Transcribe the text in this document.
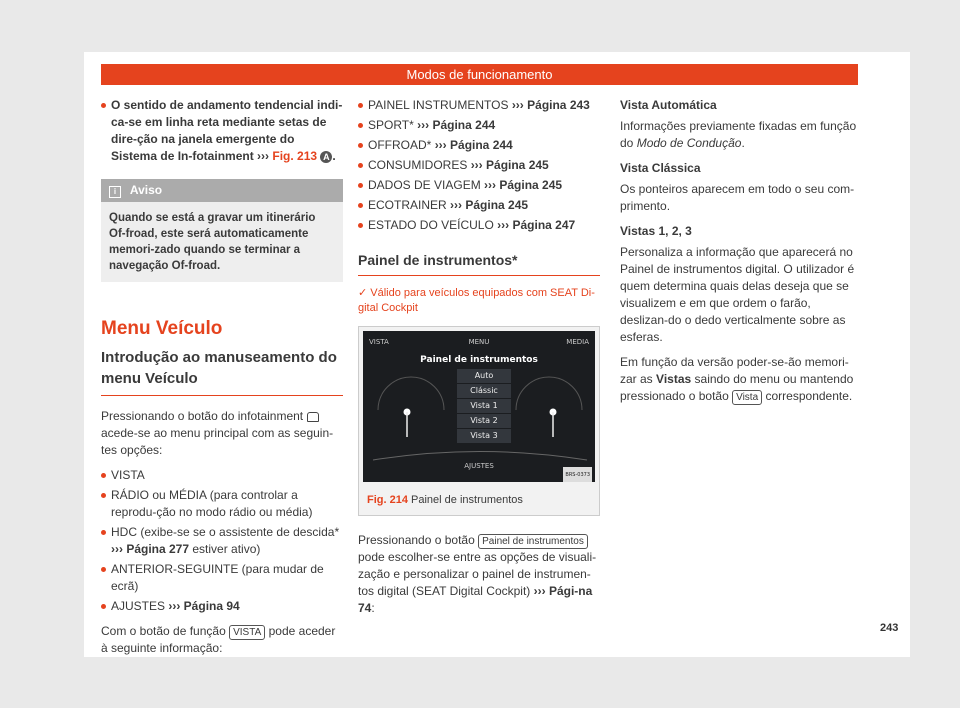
Modos de funcionamento
O sentido de andamento tendencial indi-ca-se em linha reta mediante setas de dire-ção na janela emergente do Sistema de In-fotainment ››› Fig. 213 A .
i Aviso
Quando se está a gravar um itinerário Of-froad, este será automaticamente memori-zado quando se terminar a navegação Of-froad.
Menu Veículo
Introdução ao manuseamento do menu Veículo

Pressionando o botão do infotainment  acede-se ao menu principal com as seguin-tes opções:

VISTA
RÁDIO ou MÉDIA (para controlar a reprodu-ção no modo rádio ou média)
HDC (exibe-se se o assistente de descida* ››› Página 277 estiver ativo)
ANTERIOR-SEGUINTE (para mudar de ecrã)
AJUSTES ››› Página 94

Com o botão de função VISTA pode aceder à seguinte informação:

PAINEL INSTRUMENTOS ››› Página 243
SPORT* ››› Página 244
OFFROAD* ››› Página 244
CONSUMIDORES ››› Página 245
DADOS DE VIAGEM ››› Página 245
ECOTRAINER ››› Página 245
ESTADO DO VEÍCULO ››› Página 247
Painel de instrumentos*
✓ Válido para veículos equipados com SEAT Di-gital Cockpit
VISTA	MENU	MEDIA
Painel de instrumentos
Auto
Clássic
Vista 1
Vista 2
Vista 3
AJUSTES
BRS-0373
Fig. 214 Painel de instrumentos

Pressionando o botão Painel de instrumentos pode escolher-se entre as opções de visuali-zação e personalizar o painel de instrumen-tos digital (SEAT Digital Cockpit) ››› Pági-na 74:

Vista Automática

Informações previamente fixadas em função do Modo de Condução.

Vista Clássica

Os ponteiros aparecem em todo o seu com-primento.

Vistas 1, 2, 3

Personaliza a informação que aparecerá no Painel de instrumentos digital. O utilizador é quem determina quais delas deseja que se visualizem e em que ordem o farão, deslizan-do o dedo verticalmente sobre as esferas.

Em função da versão poder-se-ão memori-zar as Vistas saindo do menu ou mantendo pressionado o botão Vista correspondente.

243
